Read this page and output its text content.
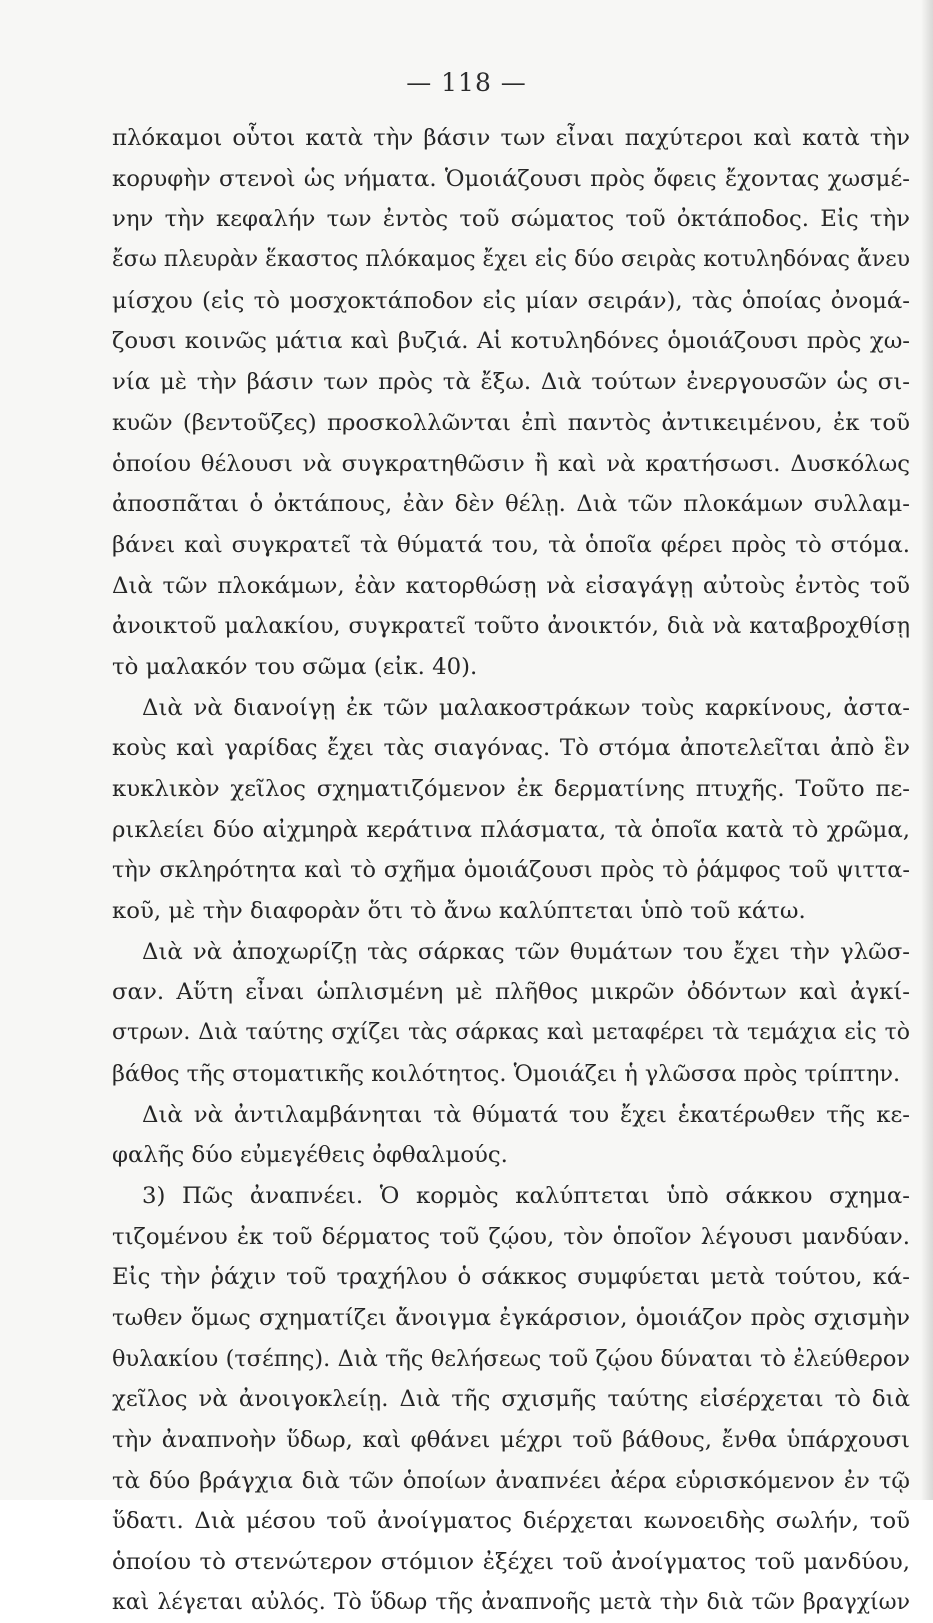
— 118 —
πλόκαμοι οὗτοι κατὰ τὴν βάσιν των εἶναι παχύτεροι καὶ κατὰ τὴν
κορυφὴν στενοὶ ὡς νήματα. Ὁμοιάζουσι πρὸς ὄφεις ἔχοντας χωσμέ-
νην τὴν κεφαλήν των ἐντὸς τοῦ σώματος τοῦ ὀκτάποδος. Εἰς τὴν
ἔσω πλευρὰν ἕκαστος πλόκαμος ἔχει εἰς δύο σειρὰς κοτυληδόνας ἄνευ
μίσχου (εἰς τὸ μοσχοκτάποδον εἰς μίαν σειράν), τὰς ὁποίας ὀνομά-
ζουσι κοινῶς μάτια καὶ βυζιά. Αἱ κοτυληδόνες ὁμοιάζουσι πρὸς χω-
νία μὲ τὴν βάσιν των πρὸς τὰ ἔξω. Διὰ τούτων ἐνεργουσῶν ὡς σι-
κυῶν (βεντοῦζες) προσκολλῶνται ἐπὶ παντὸς ἀντικειμένου, ἐκ τοῦ
ὁποίου θέλουσι νὰ συγκρατηθῶσιν ἢ καὶ νὰ κρατήσωσι. Δυσκόλως
ἀποσπᾶται ὁ ὀκτάπους, ἐὰν δὲν θέλῃ. Διὰ τῶν πλοκάμων συλλαμ-
βάνει καὶ συγκρατεῖ τὰ θύματά του, τὰ ὁποῖα φέρει πρὸς τὸ στόμα.
Διὰ τῶν πλοκάμων, ἐὰν κατορθώσῃ νὰ εἰσαγάγῃ αὐτοὺς ἐντὸς τοῦ
ἀνοικτοῦ μαλακίου, συγκρατεῖ τοῦτο ἀνοικτόν, διὰ νὰ καταβροχθίσῃ
τὸ μαλακόν του σῶμα (εἰκ. 40).
Διὰ νὰ διανοίγῃ ἐκ τῶν μαλακοστράκων τοὺς καρκίνους, ἀστα-
κοὺς καὶ γαρίδας ἔχει τὰς σιαγόνας. Τὸ στόμα ἀποτελεῖται ἀπὸ ἓν
κυκλικὸν χεῖλος σχηματιζόμενον ἐκ δερματίνης πτυχῆς. Τοῦτο πε-
ρικλείει δύο αἰχμηρὰ κεράτινα πλάσματα, τὰ ὁποῖα κατὰ τὸ χρῶμα,
τὴν σκληρότητα καὶ τὸ σχῆμα ὁμοιάζουσι πρὸς τὸ ῥάμφος τοῦ ψιττα-
κοῦ, μὲ τὴν διαφορὰν ὅτι τὸ ἄνω καλύπτεται ὑπὸ τοῦ κάτω.
Διὰ νὰ ἀποχωρίζῃ τὰς σάρκας τῶν θυμάτων του ἔχει τὴν γλῶσ-
σαν. Αὕτη εἶναι ὡπλισμένη μὲ πλῆθος μικρῶν ὀδόντων καὶ ἀγκί-
στρων. Διὰ ταύτης σχίζει τὰς σάρκας καὶ μεταφέρει τὰ τεμάχια εἰς τὸ
βάθος τῆς στοματικῆς κοιλότητος. Ὁμοιάζει ἡ γλῶσσα πρὸς τρίπτην.
Διὰ νὰ ἀντιλαμβάνηται τὰ θύματά του ἔχει ἑκατέρωθεν τῆς κε-
φαλῆς δύο εὐμεγέθεις ὀφθαλμούς.
3) Πῶς ἀναπνέει. Ὁ κορμὸς καλύπτεται ὑπὸ σάκκου σχημα-
τιζομένου ἐκ τοῦ δέρματος τοῦ ζῴου, τὸν ὁποῖον λέγουσι μανδύαν.
Εἰς τὴν ῥάχιν τοῦ τραχήλου ὁ σάκκος συμφύεται μετὰ τούτου, κά-
τωθεν ὅμως σχηματίζει ἄνοιγμα ἐγκάρσιον, ὁμοιάζον πρὸς σχισμὴν
θυλακίου (τσέπης). Διὰ τῆς θελήσεως τοῦ ζῴου δύναται τὸ ἐλεύθερον
χεῖλος νὰ ἀνοιγοκλείῃ. Διὰ τῆς σχισμῆς ταύτης εἰσέρχεται τὸ διὰ
τὴν ἀναπνοὴν ὕδωρ, καὶ φθάνει μέχρι τοῦ βάθους, ἔνθα ὑπάρχουσι
τὰ δύο βράγχια διὰ τῶν ὁποίων ἀναπνέει ἀέρα εὑρισκόμενον ἐν τῷ
ὕδατι. Διὰ μέσου τοῦ ἀνοίγματος διέρχεται κωνοειδὴς σωλήν, τοῦ
ὁποίου τὸ στενώτερον στόμιον ἐξέχει τοῦ ἀνοίγματος τοῦ μανδύου,
καὶ λέγεται αὐλός. Τὸ ὕδωρ τῆς ἀναπνοῆς μετὰ τὴν διὰ τῶν βραγχίων
